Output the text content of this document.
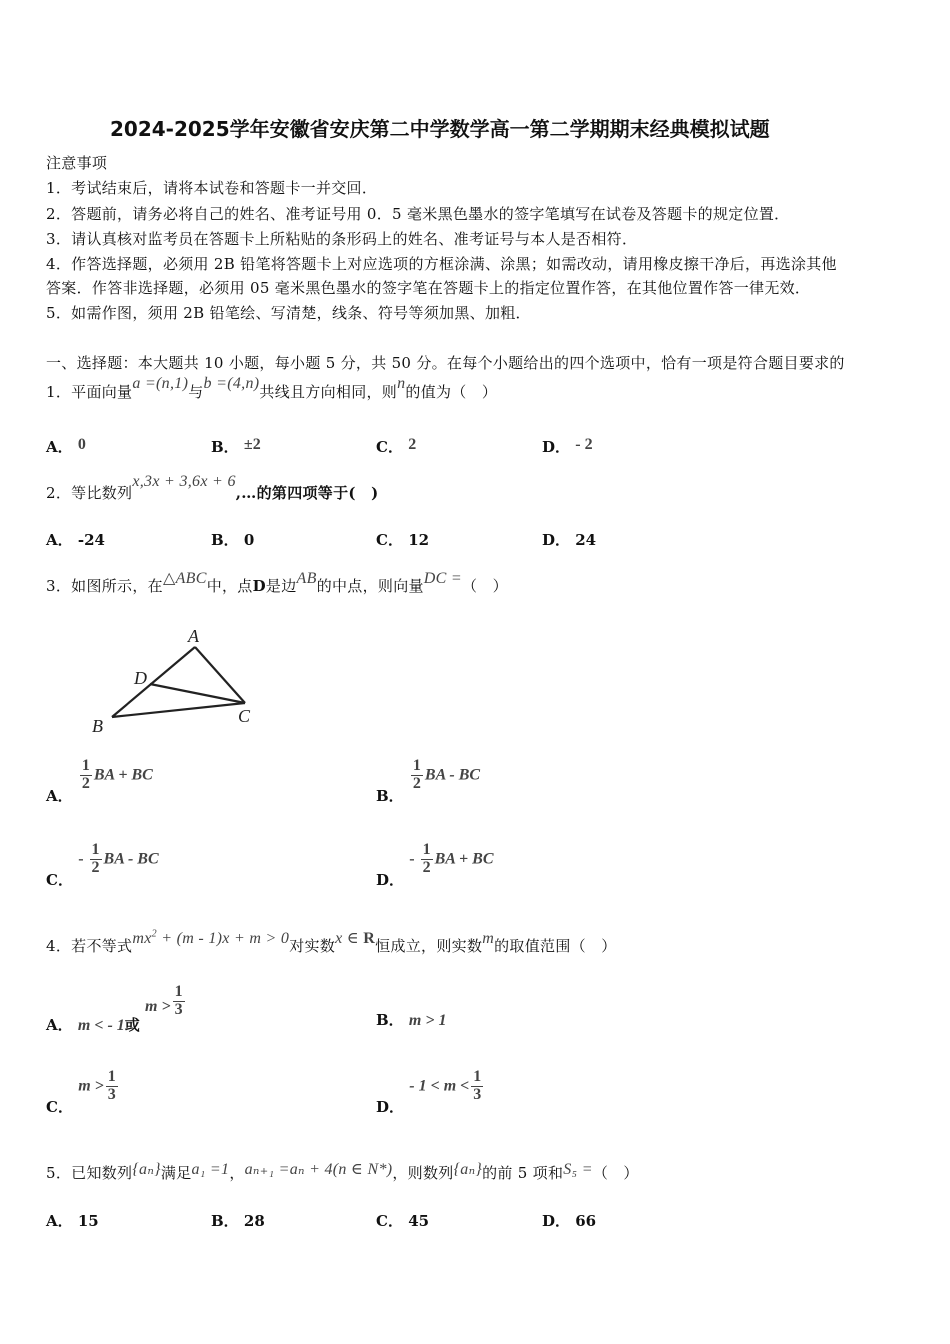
2024-2025学年安徽省安庆第二中学数学高一第二学期期末经典模拟试题
注意事项
1．考试结束后，请将本试卷和答题卡一并交回．
2．答题前，请务必将自己的姓名、准考证号用 0．5 毫米黑色墨水的签字笔填写在试卷及答题卡的规定位置．
3．请认真核对监考员在答题卡上所粘贴的条形码上的姓名、准考证号与本人是否相符．
4．作答选择题，必须用 2B 铅笔将答题卡上对应选项的方框涂满、涂黑；如需改动，请用橡皮擦干净后，再选涂其他
答案．作答非选择题，必须用 05 毫米黑色墨水的签字笔在答题卡上的指定位置作答，在其他位置作答一律无效．
5．如需作图，须用 2B 铅笔绘、写清楚，线条、符号等须加黑、加粗．
一、选择题：本大题共 10 小题，每小题 5 分，共 50 分。在每个小题给出的四个选项中，恰有一项是符合题目要求的
1．平面向量a =(n,1)与b =(4,n)共线且方向相同，则n的值为（　）
A． 0	B． ±2	C． 2	D． - 2
2．等比数列x,3x + 3,6x + 6,…的第四项等于(　)
A． -24	B． 0	C． 12	D． 24
3．如图所示，在△ABC中，点D是边AB的中点，则向量DC =（　）
A
D
B	C
A．
$\frac{1}{2}$ BA + BC
B．
$\frac{1}{2}$ BA - BC
C． - $\frac{1}{2}$ BA - BC
D． - $\frac{1}{2}$ BA + BC
4．若不等式$mx^2 + (m - 1)x + m > 0$对实数x ∈ R恒成立，则实数m的取值范围（　）
A． m < - 1或 $m > \frac{1}{3}$
B． m > 1
C． $m > \frac{1}{3}$
D． - $1 < m < \frac{1}{3}$
5．已知数列{aₙ}满足a₁ =1，aₙ₊₁ =aₙ + 4(n ∈ N*)，则数列{aₙ}的前 5 项和S₅ =（　）
A． 15	B． 28	C． 45	D． 66
